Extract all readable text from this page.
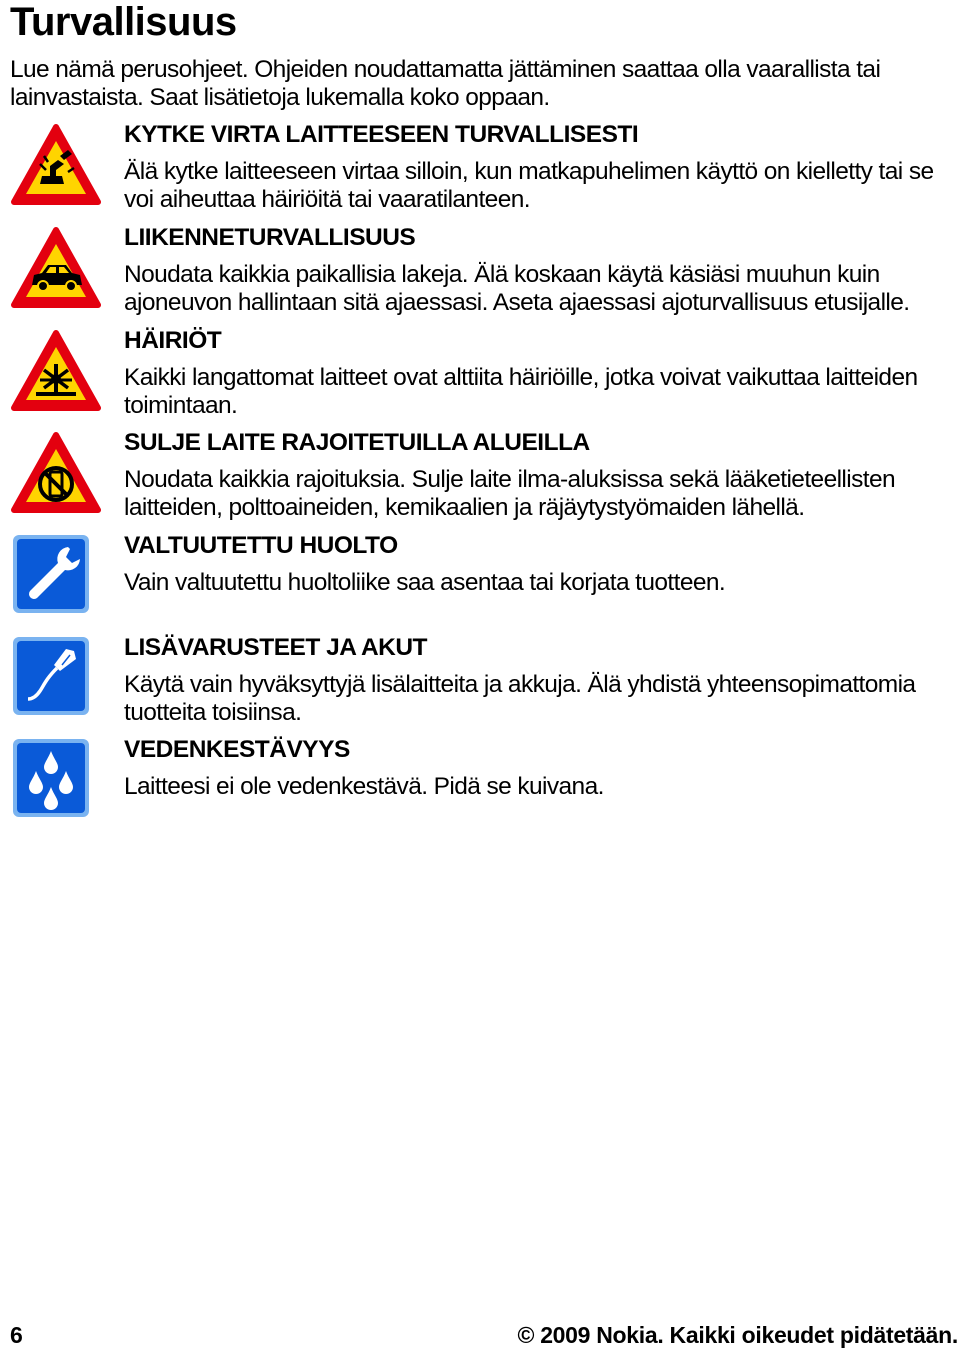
Turvallisuus
Lue nämä perusohjeet. Ohjeiden noudattamatta jättäminen saattaa olla vaarallista tai lainvastaista. Saat lisätietoja lukemalla koko oppaan.
KYTKE VIRTA LAITTEESEEN TURVALLISESTI

Älä kytke laitteeseen virtaa silloin, kun matkapuhelimen käyttö on kielletty tai se voi aiheuttaa häiriöitä tai vaaratilanteen.

LIIKENNETURVALLISUUS

Noudata kaikkia paikallisia lakeja. Älä koskaan käytä käsiäsi muuhun kuin ajoneuvon hallintaan sitä ajaessasi. Aseta ajaessasi ajoturvallisuus etusijalle.

HÄIRIÖT

Kaikki langattomat laitteet ovat alttiita häiriöille, jotka voivat vaikuttaa laitteiden toimintaan.

SULJE LAITE RAJOITETUILLA ALUEILLA

Noudata kaikkia rajoituksia. Sulje laite ilma-aluksissa sekä lääketieteellisten laitteiden, polttoaineiden, kemikaalien ja räjäytystyömaiden lähellä.

VALTUUTETTU HUOLTO

Vain valtuutettu huoltoliike saa asentaa tai korjata tuotteen.

LISÄVARUSTEET JA AKUT

Käytä vain hyväksyttyjä lisälaitteita ja akkuja. Älä yhdistä yhteensopimattomia tuotteita toisiinsa.

VEDENKESTÄVYYS

Laitteesi ei ole vedenkestävä. Pidä se kuivana.

6	© 2009 Nokia. Kaikki oikeudet pidätetään.
